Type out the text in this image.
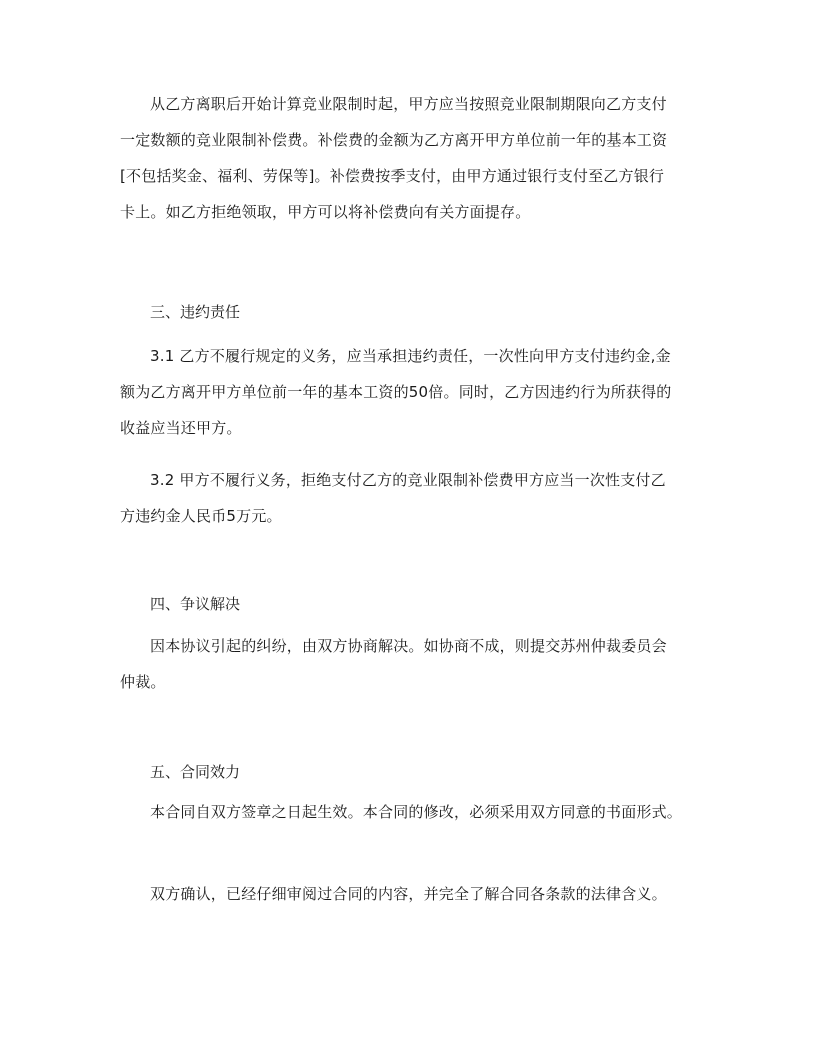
从乙方离职后开始计算竞业限制时起，甲方应当按照竞业限制期限向乙方支付
一定数额的竞业限制补偿费。补偿费的金额为乙方离开甲方单位前一年的基本工资
[不包括奖金、福利、劳保等]。补偿费按季支付，由甲方通过银行支付至乙方银行
卡上。如乙方拒绝领取，甲方可以将补偿费向有关方面提存。
三、违约责任
3.1 乙方不履行规定的义务，应当承担违约责任，一次性向甲方支付违约金,金
额为乙方离开甲方单位前一年的基本工资的50倍。同时，乙方因违约行为所获得的
收益应当还甲方。
3.2 甲方不履行义务，拒绝支付乙方的竞业限制补偿费甲方应当一次性支付乙
方违约金人民币5万元。
四、争议解决
因本协议引起的纠纷，由双方协商解决。如协商不成，则提交苏州仲裁委员会
仲裁。
五、合同效力
本合同自双方签章之日起生效。本合同的修改，必须采用双方同意的书面形式。
双方确认，已经仔细审阅过合同的内容，并完全了解合同各条款的法律含义。
